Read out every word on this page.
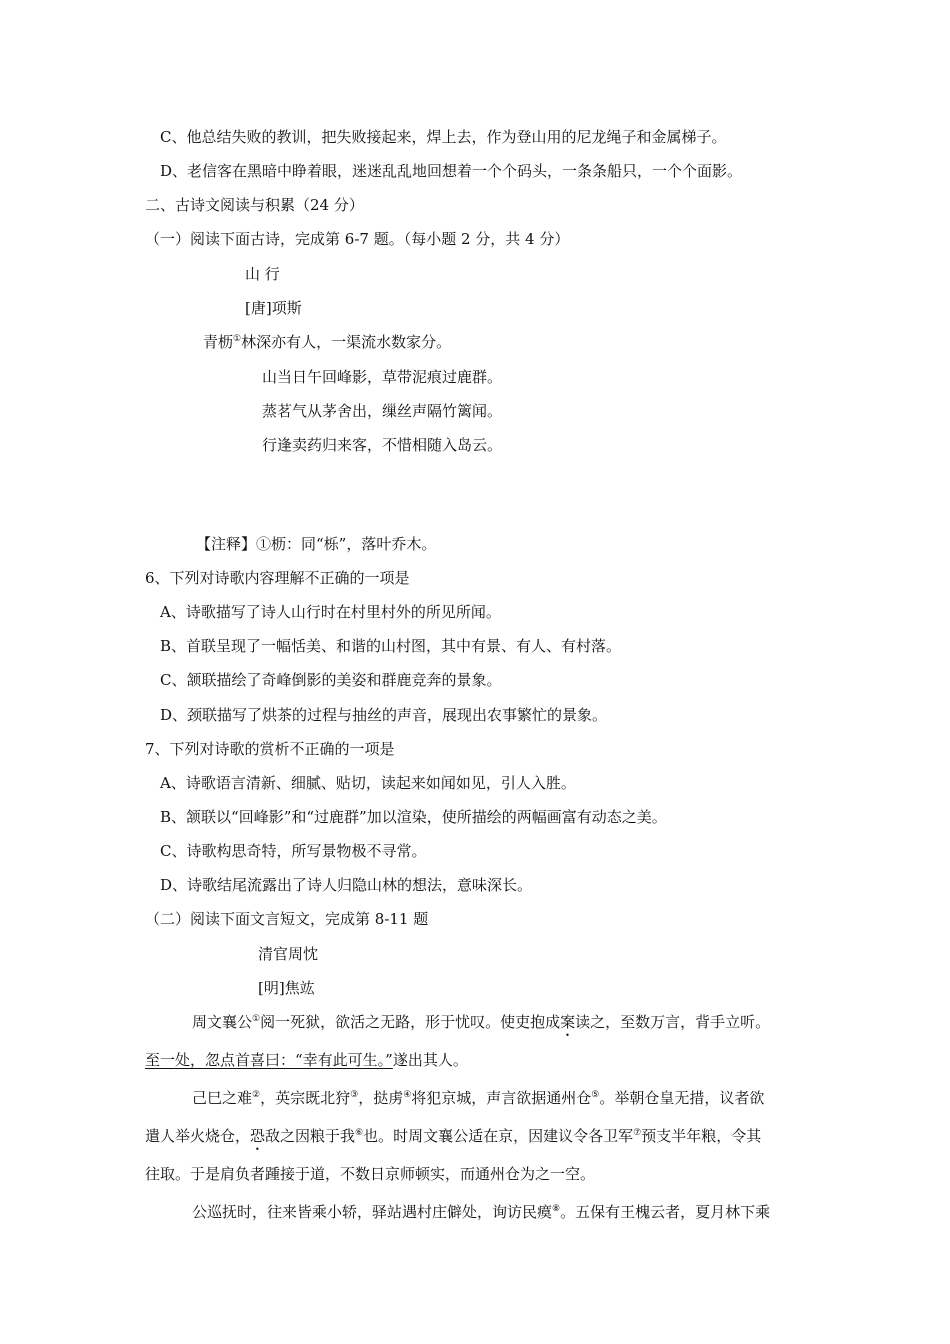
C、他总结失败的教训，把失败接起来，焊上去，作为登山用的尼龙绳子和金属梯子。
D、老信客在黑暗中睁着眼，迷迷乱乱地回想着一个个码头，一条条船只，一个个面影。
二、古诗文阅读与积累（24 分）
（一）阅读下面古诗，完成第 6-7 题。（每小题 2 分，共 4 分）
山 行
[唐]项斯
青枥①林深亦有人，一渠流水数家分。
山当日午回峰影，草带泥痕过鹿群。
蒸茗气从茅舍出，缫丝声隔竹篱闻。
行逢卖药归来客，不惜相随入岛云。
【注释】①枥：同“栎”，落叶乔木。
6、下列对诗歌内容理解不正确的一项是
A、诗歌描写了诗人山行时在村里村外的所见所闻。
B、首联呈现了一幅恬美、和谐的山村图，其中有景、有人、有村落。
C、颔联描绘了奇峰倒影的美姿和群鹿竞奔的景象。
D、颈联描写了烘茶的过程与抽丝的声音，展现出农事繁忙的景象。
7、下列对诗歌的赏析不正确的一项是
A、诗歌语言清新、细腻、贴切，读起来如闻如见，引人入胜。
B、颔联以“回峰影”和“过鹿群”加以渲染，使所描绘的两幅画富有动态之美。
C、诗歌构思奇特，所写景物极不寻常。
D、诗歌结尾流露出了诗人归隐山林的想法，意味深长。
（二）阅读下面文言短文，完成第 8-11 题
清官周忱
[明]焦竑
周文襄公①阅一死狱，欲活之无路，形于忧叹。使吏抱成案读之，至数万言，背手立听。
至一处，忽点首喜曰：“幸有此可生。”遂出其人。
己巳之难②，英宗既北狩③，挞虏④将犯京城，声言欲据通州仓⑤。举朝仓皇无措，议者欲
遣人举火烧仓，恐敌之因粮于我⑥也。时周文襄公适在京，因建议令各卫军⑦预支半年粮，令其
往取。于是肩负者踵接于道，不数日京师顿实，而通州仓为之一空。
公巡抚时，往来皆乘小轿，驿站遇村庄僻处，询访民瘼⑧。五保有王槐云者，夏月林下乘
